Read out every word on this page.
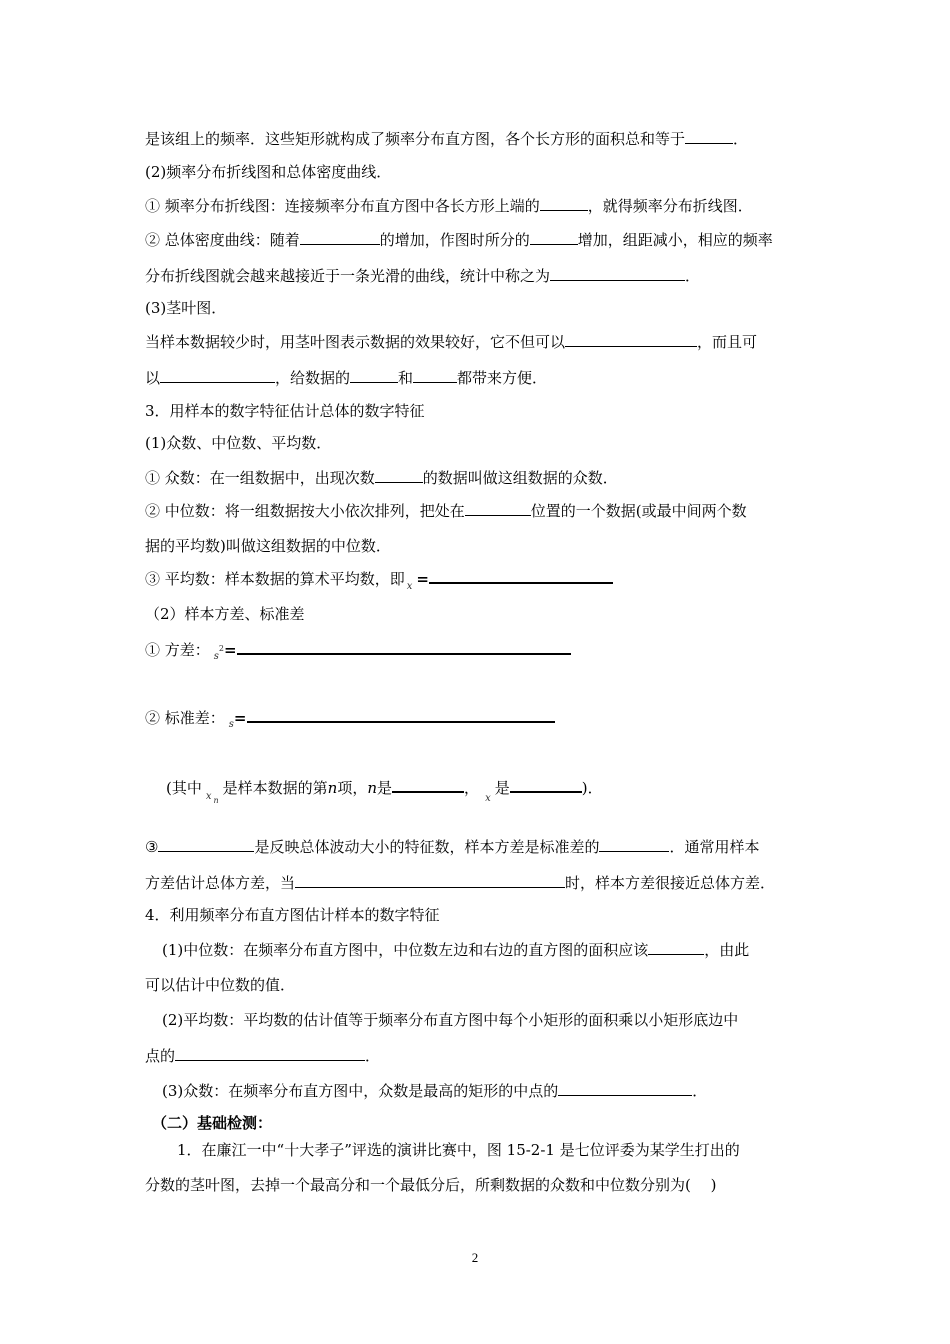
是该组上的频率．这些矩形就构成了频率分布直方图，各个长方形的面积总和等于	．
(2)频率分布折线图和总体密度曲线．
① 频率分布折线图：连接频率分布直方图中各长方形上端的	，就得频率分布折线图．
② 总体密度曲线：随着	的增加，作图时所分的	增加，组距减小，相应的频率
分布折线图就会越来越接近于一条光滑的曲线，统计中称之为	．
(3)茎叶图．
当样本数据较少时，用茎叶图表示数据的效果较好，它不但可以	，而且可
以	，给数据的	和	都带来方便．
3．用样本的数字特征估计总体的数字特征
(1)众数、中位数、平均数．
① 众数：在一组数据中，出现次数	的数据叫做这组数据的众数．
② 中位数：将一组数据按大小依次排列，把处在	位置的一个数据(或最中间两个数
据的平均数)叫做这组数据的中位数．
③ 平均数：样本数据的算术平均数，即 $_x$ =
（2）样本方差、标准差
① 方差： $_s^2$=
② 标准差： $_s$=
(其中 $_x$ $_n$是样本数据的第n项，n是	，$_x$是	)．
③	是反映总体波动大小的特征数，样本方差是标准差的	．通常用样本
方差估计总体方差，当	时，样本方差很接近总体方差．
4．利用频率分布直方图估计样本的数字特征
(1)中位数：在频率分布直方图中，中位数左边和右边的直方图的面积应该	，由此
可以估计中位数的值．
(2)平均数：平均数的估计值等于频率分布直方图中每个小矩形的面积乘以小矩形底边中
点的	．
(3)众数：在频率分布直方图中，众数是最高的矩形的中点的	．
（二）基础检测：
1．在廉江一中“十大孝子”评选的演讲比赛中，图 15-2-1 是七位评委为某学生打出的
分数的茎叶图，去掉一个最高分和一个最低分后，所剩数据的众数和中位数分别为(　 )
2
